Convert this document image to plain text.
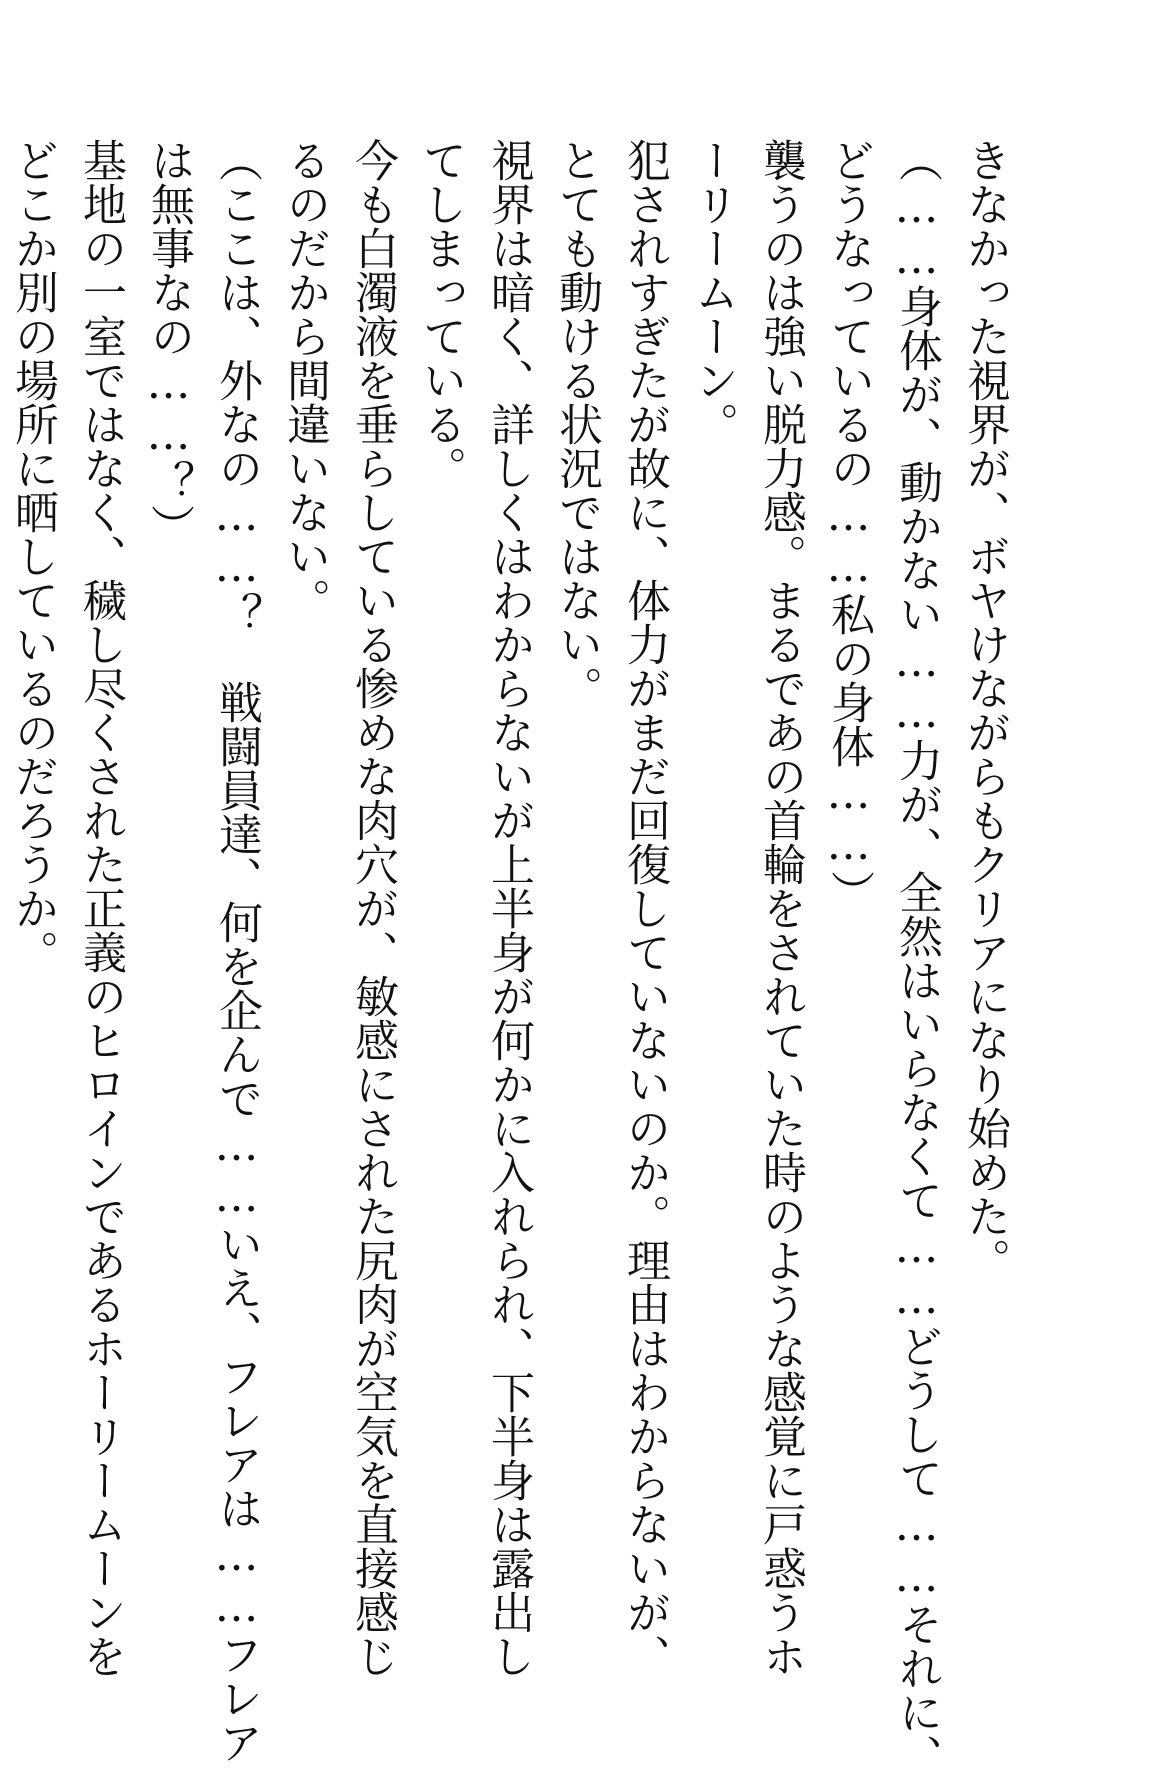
きなかった視界が、ボヤけながらもクリアになり始めた。
（……身体が、動かない……力が、全然はいらなくて……どうして……それに、
どうなっているの……私の身体……）
襲うのは強い脱力感。まるであの首輪をされていた時のような感覚に戸惑うホ
ーリームーン。
犯されすぎたが故に、体力がまだ回復していないのか。理由はわからないが、
とても動ける状況ではない。
視界は暗く、詳しくはわからないが上半身が何かに入れられ、下半身は露出し
てしまっている。
今も白濁液を垂らしている惨めな肉穴が、敏感にされた尻肉が空気を直接感じ
るのだから間違いない。
（ここは、外なの……？　戦闘員達、何を企んで……いえ、フレアは……フレア
は無事なの……？）
基地の一室ではなく、穢し尽くされた正義のヒロインであるホーリームーンを
どこか別の場所に晒しているのだろうか。
